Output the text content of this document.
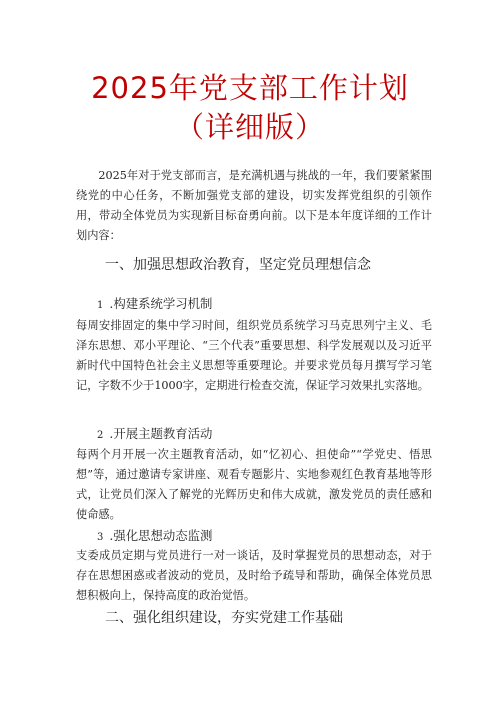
2025年党支部工作计划
（详细版）

2025年对于党支部而言，是充满机遇与挑战的一年，我们要紧紧围绕党的中心任务，不断加强党支部的建设，切实发挥党组织的引领作用，带动全体党员为实现新目标奋勇向前。以下是本年度详细的工作计划内容：

一、加强思想政治教育，坚定党员理想信念

1 .构建系统学习机制

每周安排固定的集中学习时间，组织党员系统学习马克思列宁主义、毛泽东思想、邓小平理论、“三个代表”重要思想、科学发展观以及习近平新时代中国特色社会主义思想等重要理论。并要求党员每月撰写学习笔记，字数不少于1000字，定期进行检查交流，保证学习效果扎实落地。

2 .开展主题教育活动

每两个月开展一次主题教育活动，如“忆初心、担使命”“学党史、悟思想”等，通过邀请专家讲座、观看专题影片、实地参观红色教育基地等形式，让党员们深入了解党的光辉历史和伟大成就，激发党员的责任感和使命感。

3 .强化思想动态监测

支委成员定期与党员进行一对一谈话，及时掌握党员的思想动态，对于存在思想困惑或者波动的党员，及时给予疏导和帮助，确保全体党员思想积极向上，保持高度的政治觉悟。

二、强化组织建设，夯实党建工作基础
